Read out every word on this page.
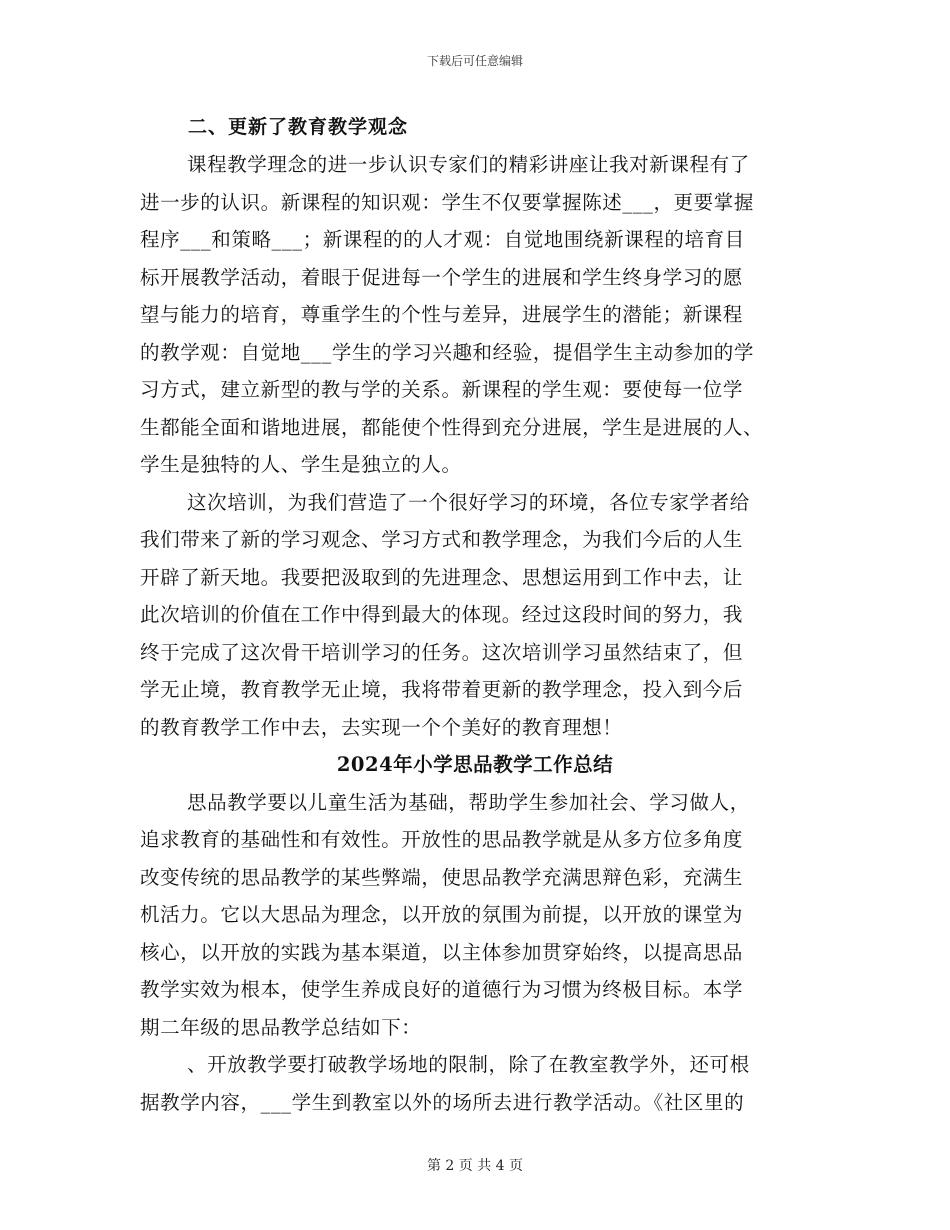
下载后可任意编辑
二、更新了教育教学观念
课程教学理念的进一步认识专家们的精彩讲座让我对新课程有了
进一步的认识。新课程的知识观：学生不仅要掌握陈述___，更要掌握
程序___和策略___；新课程的的人才观：自觉地围绕新课程的培育目
标开展教学活动，着眼于促进每一个学生的进展和学生终身学习的愿
望与能力的培育，尊重学生的个性与差异，进展学生的潜能；新课程
的教学观：自觉地___学生的学习兴趣和经验，提倡学生主动参加的学
习方式，建立新型的教与学的关系。新课程的学生观：要使每一位学
生都能全面和谐地进展，都能使个性得到充分进展，学生是进展的人、
学生是独特的人、学生是独立的人。
这次培训，为我们营造了一个很好学习的环境，各位专家学者给
我们带来了新的学习观念、学习方式和教学理念，为我们今后的人生
开辟了新天地。我要把汲取到的先进理念、思想运用到工作中去，让
此次培训的价值在工作中得到最大的体现。经过这段时间的努力，我
终于完成了这次骨干培训学习的任务。这次培训学习虽然结束了，但
学无止境，教育教学无止境，我将带着更新的教学理念，投入到今后
的教育教学工作中去，去实现一个个美好的教育理想！
2024年小学思品教学工作总结
思品教学要以儿童生活为基础，帮助学生参加社会、学习做人，
追求教育的基础性和有效性。开放性的思品教学就是从多方位多角度
改变传统的思品教学的某些弊端，使思品教学充满思辩色彩，充满生
机活力。它以大思品为理念，以开放的氛围为前提，以开放的课堂为
核心，以开放的实践为基本渠道，以主体参加贯穿始终，以提高思品
教学实效为根本，使学生养成良好的道德行为习惯为终极目标。本学
期二年级的思品教学总结如下：
、开放教学要打破教学场地的限制，除了在教室教学外，还可根
据教学内容，___学生到教室以外的场所去进行教学活动。《社区里的
第 2 页 共 4 页
